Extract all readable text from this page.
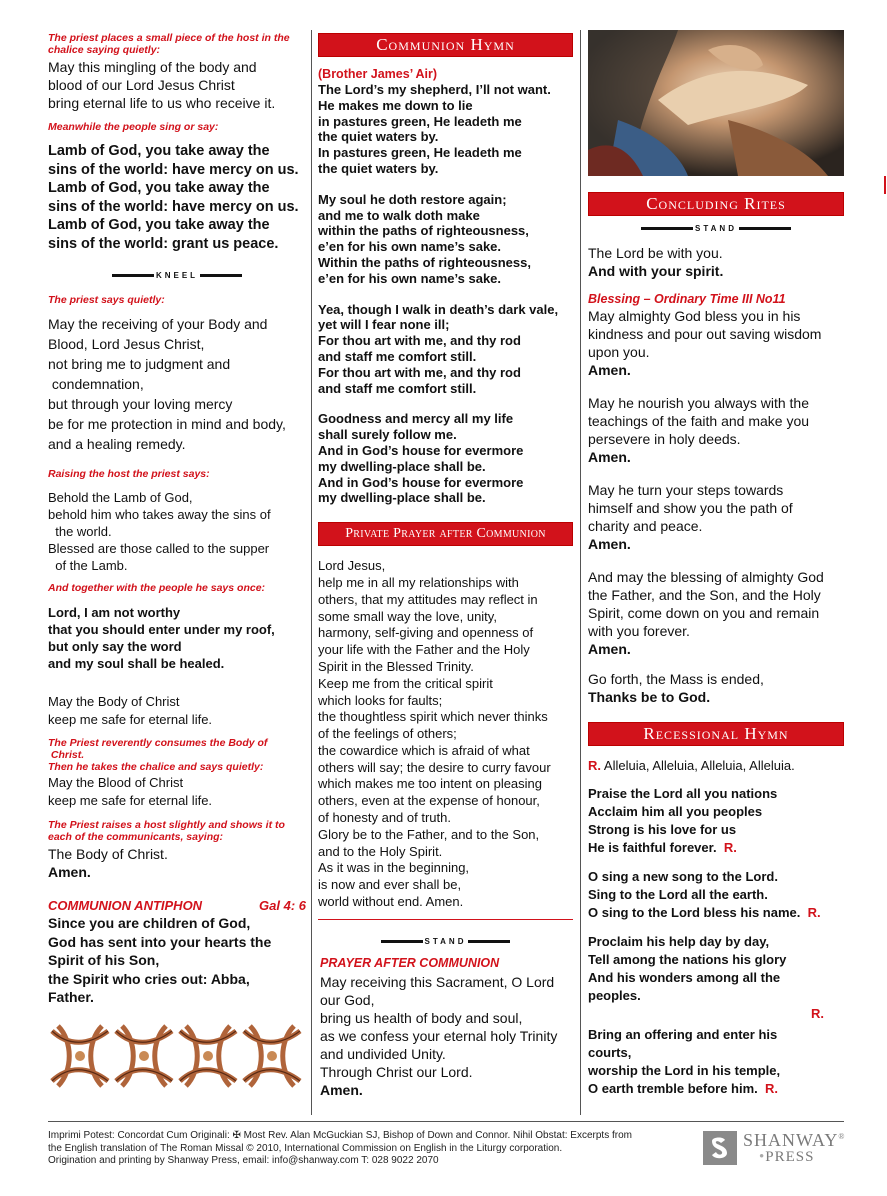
The priest places a small piece of the host in the chalice saying quietly:

May this mingling of the body and

blood of our Lord Jesus Christ

bring eternal life to us who receive it.

Meanwhile the people sing or say:

Lamb of God, you take away the

sins of the world: have mercy on us.

Lamb of God, you take away the

sins of the world: have mercy on us.

Lamb of God, you take away the

sins of the world: grant us peace.

KNEEL

The priest says quietly:

May the receiving of your Body and

Blood, Lord Jesus Christ,

not bring me to judgment and

condemnation,

but through your loving mercy

be for me protection in mind and body,

and a healing remedy.

Raising the host the priest says:

Behold the Lamb of God,

behold him who takes away the sins of

the world.

Blessed are those called to the supper

of the Lamb.

And together with the people he says once:

Lord, I am not worthy

that you should enter under my roof,

but only say the word

and my soul shall be healed.

May the Body of Christ

keep me safe for eternal life.

The Priest reverently consumes the Body of

Christ.

Then he takes the chalice and says quietly:

May the Blood of Christ

keep me safe for eternal life.

The Priest raises a host slightly and shows it to each of the communicants, saying:

The Body of Christ.

Amen.

COMMUNION ANTIPHON	Gal 4: 6

Since you are children of God,

God has sent into your hearts the

Spirit of his Son,

the Spirit who cries out: Abba,

Father.

Communion Hymn

(Brother James’ Air)

The Lord’s my shepherd, I’ll not want.

He makes me down to lie

in pastures green, He leadeth me

the quiet waters by.

In pastures green, He leadeth me

the quiet waters by.

My soul he doth restore again;

and me to walk doth make

within the paths of righteousness,

e’en for his own name’s sake.

Within the paths of righteousness,

e’en for his own name’s sake.

Yea, though I walk in death’s dark vale,

yet will I fear none ill;

For thou art with me, and thy rod

and staff me comfort still.

For thou art with me, and thy rod

and staff me comfort still.

Goodness and mercy all my life

shall surely follow me.

And in God’s house for evermore

my dwelling-place shall be.

And in God’s house for evermore

my dwelling-place shall be.

Private Prayer after Communion

Lord Jesus,

help me in all my relationships with

others, that my attitudes may reflect in

some small way the love, unity,

harmony, self-giving and openness of

your life with the Father and the Holy

Spirit in the Blessed Trinity.

Keep me from the critical spirit

which looks for faults;

the thoughtless spirit which never thinks

of the feelings of others;

the cowardice which is afraid of what

others will say; the desire to curry favour

which makes me too intent on pleasing

others, even at the expense of honour,

of honesty and of truth.

Glory be to the Father, and to the Son,

and to the Holy Spirit.

As it was in the beginning,

is now and ever shall be,

world without end. Amen.

STAND

PRAYER AFTER COMMUNION

May receiving this Sacrament, O Lord

our God,

bring us health of body and soul,

as we confess your eternal holy Trinity

and undivided Unity.

Through Christ our Lord.

Amen.

Concluding Rites
STAND

The Lord be with you.

And with your spirit.

Blessing – Ordinary Time III No11

May almighty God bless you in his

kindness and pour out saving wisdom

upon you.

Amen.

May he nourish you always with the

teachings of the faith and make you

persevere in holy deeds.

Amen.

May he turn your steps towards

himself and show you the path of

charity and peace.

Amen.

And may the blessing of almighty God

the Father, and the Son, and the Holy

Spirit, come down on you and remain

with you forever.

Amen.

Go forth, the Mass is ended,

Thanks be to God.

Recessional Hymn

R. Alleluia, Alleluia, Alleluia, Alleluia.

Praise the Lord all you nations

Acclaim him all you peoples

Strong is his love for us

He is faithful forever. R.

O sing a new song to the Lord.

Sing to the Lord all the earth.

O sing to the Lord bless his name. R.

Proclaim his help day by day,

Tell among the nations his glory

And his wonders among all the

peoples.

R.

Bring an offering and enter his

courts,

worship the Lord in his temple,

O earth tremble before him. R.

Imprimi Potest: Concordat Cum Originali: ✠ Most Rev. Alan McGuckian SJ, Bishop of Down and Connor. Nihil Obstat: Excerpts from
the English translation of The Roman Missal © 2010, International Commission on English in the Liturgy corporation.
Origination and printing by Shanway Press, email: info@shanway.com T: 028 9022 2070
SHANWAY®
•PRESS
